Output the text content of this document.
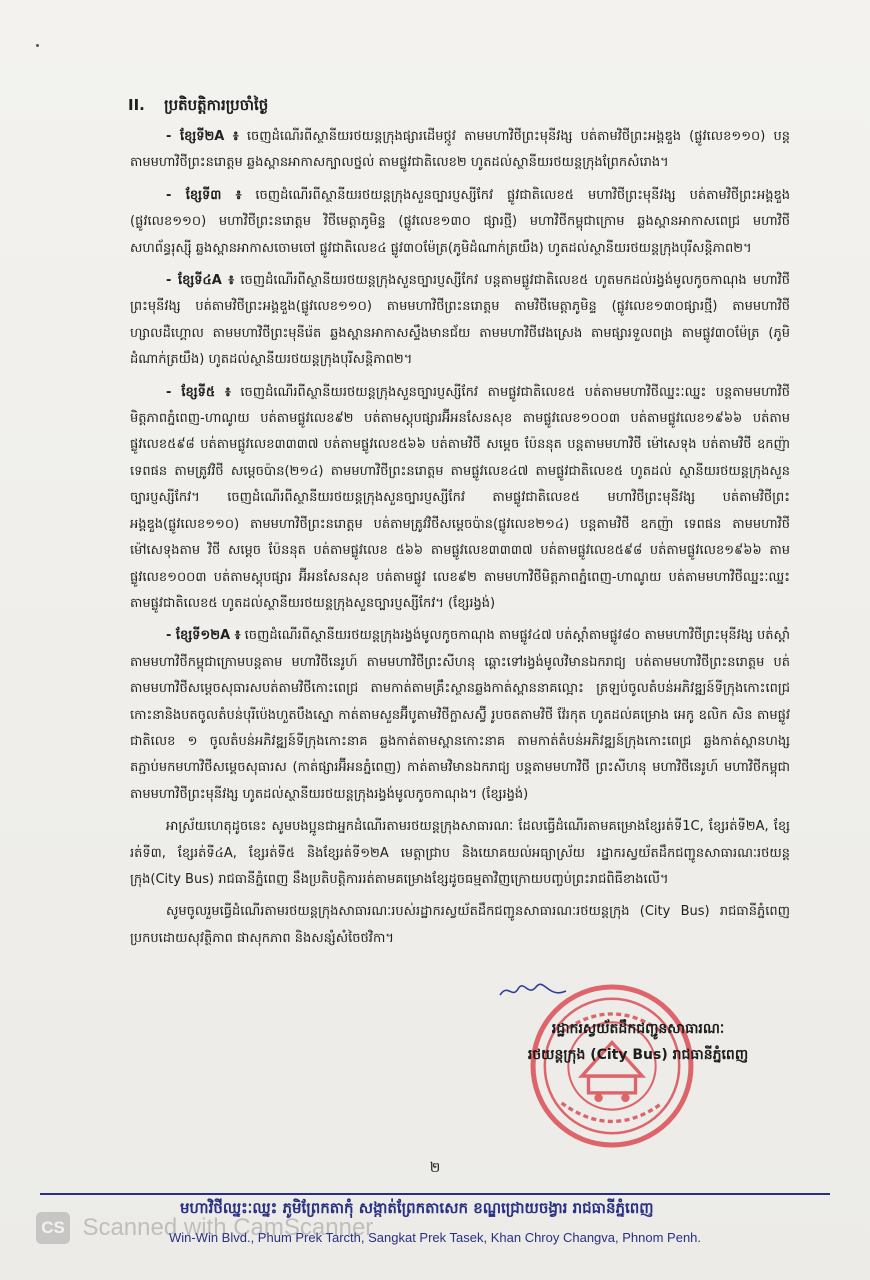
II. ប្រតិបត្តិការប្រចាំថ្ងៃ

- ខ្សែទី២A ៖ ចេញដំណើរពីស្ថានីយរថយន្តក្រុងផ្សារដើមថ្កូវ តាមមហាវិថីព្រះមុនីវង្ស បត់តាមវិថីព្រះអង្គឌួង (ផ្លូវលេខ១១០) បន្តតាមមហាវិថីព្រះនរោត្តម ឆ្លងស្ពានអាកាសក្បាលថ្នល់ តាមផ្លូវជាតិលេខ២ ហូតដល់ស្ថានីយរថយន្តក្រុងព្រែកសំរោង។

- ខ្សែទី៣ ៖ ចេញដំណើរពីស្ថានីយរថយន្តក្រុងសួនច្បារប្ញស្សីកែវ ផ្លូវជាតិលេខ៥ មហាវិថីព្រះមុនីវង្ស បត់តាមវិថីព្រះអង្គឌួង (ផ្លូវលេខ១១០) មហាវិថីព្រះនរោត្តម វិថីមេត្តាភូមិន្ទ (ផ្លូវលេខ១៣០ ផ្សារថ្មី) មហាវិថីកម្ពុជាក្រោម ឆ្លងស្ពានអាកាសពេជ្រ មហាវិថីសហព័ន្ធរុស្ស៊ី ឆ្លងស្ពានអាកាសចោមចៅ ផ្លូវជាតិលេខ៤ ផ្លូវ៣០ម៉ែត្រ(ភូមិដំណាក់ត្រយឹង) ហូតដល់ស្ថានីយរថយន្តក្រុងបុរីសន្តិភាព២។

- ខ្សែទី៤A ៖ ចេញដំណើរពីស្ថានីយរថយន្តក្រុងសួនច្បារប្ញស្សីកែវ បន្តតាមផ្លូវជាតិលេខ៥ ហូតមកដល់រង្វង់មូលកូចកាណុង មហាវិថីព្រះមុនីវង្ស បត់តាមវិថីព្រះអង្គឌួង(ផ្លូវលេខ១១០) តាមមហាវិថីព្រះនរោត្តម តាមវិថីមេត្តាភូមិន្ទ (ផ្លូវលេខ១៣០ផ្សារថ្មី) តាមមហាវិថីហ្សាលដឺហ្គោល តាមមហាវិថីព្រះមុនីរ៉េត ឆ្លងស្ពានអាកាសស្ទឹងមានជ័យ តាមមហាវិថីវេងស្រេង តាមផ្សារទួលពង្រ តាមផ្លូវ៣០ម៉ែត្រ (ភូមិដំណាក់ត្រយឹង) ហូតដល់ស្ថានីយរថយន្តក្រុងបុរីសន្តិភាព២។

- ខ្សែទី៥ ៖ ចេញដំណើរពីស្ថានីយរថយន្តក្រុងសួនច្បារប្ញស្សីកែវ តាមផ្លូវជាតិលេខ៥ បត់តាមមហាវិថីឈ្នះៈឈ្នះ បន្តតាមមហាវិថីមិត្តភាពភ្នំពេញ-ហាណូយ បត់តាមផ្លូវលេខ៩២ បត់តាមស្តុបផ្សារអ៊ីអនសែនសុខ តាមផ្លូវលេខ១០០៣ បត់តាមផ្លូវលេខ១៩៦៦ បត់តាមផ្លូវលេខ៥៩៨ បត់តាមផ្លូវលេខ៣៣៣៧ បត់តាមផ្លូវលេខ៥៦៦ បត់តាមវិថី សម្តេច ប៉ែននុត បន្តតាមមហាវិថី ម៉ៅសេទុង បត់តាមវិថី ឧកញ៉ា ទេពផន តាមត្រូវវិថី សម្តេចប៉ាន(២១៤) តាមមហាវិថីព្រះនរោត្តម តាមផ្លូវលេខ៤៧ តាមផ្លូវជាតិលេខ៥ ហូតដល់ ស្ថានីយរថយន្តក្រុងសួនច្បារប្ញស្សីកែវ។ ចេញដំណើរពីស្ថានីយរថយន្តក្រុងសួនច្បារប្ញស្សីកែវ តាមផ្លូវជាតិលេខ៥ មហាវិថីព្រះមុនីវង្ស បត់តាមវិថីព្រះអង្គឌួង(ផ្លូវលេខ១១០) តាមមហាវិថីព្រះនរោត្តម បត់តាមត្រូវវិថីសម្តេចប៉ាន(ផ្លូវលេខ២១៤) បន្តតាមវិថី ឧកញ៉ា ទេពផន តាមមហាវិថី ម៉ៅសេទុងតាម វិថី សម្តេច ប៉ែននុត បត់តាមផ្លូវលេខ ៥៦៦ តាមផ្លូវលេខ៣៣៣៧ បត់តាមផ្លូវលេខ៥៩៨ បត់តាមផ្លូវលេខ១៩៦៦ តាមផ្លូវលេខ១០០៣ បត់តាមស្តុបផ្សារ អ៊ីអនសែនសុខ បត់តាមផ្លូវ លេខ៩២ តាមមហាវិថីមិត្តភាពភ្នំពេញ-ហាណូយ បត់តាមមហាវិថីឈ្នះៈឈ្នះ តាមផ្លូវជាតិលេខ៥ ហូតដល់ស្ថានីយរថយន្តក្រុងសួនច្បារប្ញស្សីកែវ។ (ខ្សែរង្វង់)

- ខ្សែទី១២A ៖ ចេញដំណើរពីស្ថានីយរថយន្តក្រុងរង្វង់មូលកូចកាណុង តាមផ្លូវ៤៧ បត់ស្តាំតាមផ្លូវ៨០ តាមមហាវិថីព្រះមុនីវង្ស បត់ស្តាំតាមមហាវិថីកម្ពុជាក្រោមបន្តតាម មហាវិថីនេរូហ៍ តាមមហាវិថីព្រះសីហនុ ឆ្ពោះទៅរង្វង់មូលវិមានឯករាជ្យ បត់តាមមហាវិថីព្រះនរោត្តម បត់តាមមហាវិថីសម្តេចសុធារសបត់តាមវិថីកោះពេជ្រ តាមកាត់តាមគ្រឹះស្ថានឆ្លងកាត់ស្ពាននាគល្អោះ ត្រឡប់ចូលតំបន់អភិវឌ្ឍន៍ទីក្រុងកោះពេជ្រ កោះនានិងបតចូលតំបន់បុរីប៉េងហួតបឹងស្នោ កាត់តាមសួនអ៊ីបូតាមវិថីក្លាសស្វ៊ី រូបចតតាមវិថី វ៉ែរកុត ហូតដល់គម្រោង អេកូ ឧលិក សិន តាមផ្លូវជាតិលេខ ១ ចូលតំបន់អភិវឌ្ឍន៍ទីក្រុងកោះនាគ ឆ្លងកាត់តាមស្ពានកោះនាគ តាមកាត់តំបន់អភិវឌ្ឍន៍ក្រុងកោះពេជ្រ ឆ្លងកាត់ស្ពានហង្ស តភ្ជាប់មកមហាវិថីសម្តេចសុធារស (កាត់ផ្សារអ៊ីអនភ្នំពេញ) កាត់តាមវិមានឯករាជ្យ បន្តតាមមហាវិថី ព្រះសីហនុ មហាវិថីនេរូហ៍ មហាវិថីកម្ពុជាតាមមហាវិថីព្រះមុនីវង្ស ហូតដល់ស្ថានីយរថយន្តក្រុងរង្វង់មូលកូចកាណុង។ (ខ្សែរង្វង់)

អាស្រ័យហេតុដូចនេះ សូមបងប្អូនជាអ្នកដំណើរតាមរថយន្តក្រុងសាធារណៈ ដែលធ្វើដំណើរតាមគម្រោងខ្សែរត់ទី1C, ខ្សែរត់ទី២A, ខ្សែរត់ទី៣, ខ្សែរត់ទី៤A, ខ្សែរត់ទី៥ និងខ្សែរត់ទី១២A មេត្តាជ្រាប និងយោគយល់អធ្យាស្រ័យ រដ្ឋាករស្វយ័តដឹកជញ្ជូនសាធារណៈរថយន្តក្រុង(City Bus) រាជធានីភ្នំពេញ នឹងប្រតិបត្តិការរត់តាមគម្រោងខ្សែដូចធម្មតាវិញក្រោយបញ្ចប់ព្រះរាជពិធីខាងលើ។

សូមចូលរួមធ្វើដំណើរតាមរថយន្តក្រុងសាធារណៈរបស់រដ្ឋាករស្វយ័តដឹកជញ្ជូនសាធារណៈរថយន្តក្រុង (City Bus) រាជធានីភ្នំពេញ ប្រកបដោយសុវត្ថិភាព ផាសុកភាព និងសន្សំសំចៃថវិកា។

រដ្ឋាករស្វយ័តដឹកជញ្ជូនសាធារណៈ
រថយន្តក្រុង (City Bus) រាជធានីភ្នំពេញ
២
មហាវិថីឈ្នះៈឈ្នះ ភូមិព្រែកតាកុំ សង្កាត់ព្រែកតាសេក ខណ្ឌជ្រោយចង្វារ រាជធានីភ្នំពេញ
Win-Win Blvd., Phum Prek Tarcth, Sangkat Prek Tasek, Khan Chroy Changva, Phnom Penh.
CS Scanned with CamScanner
